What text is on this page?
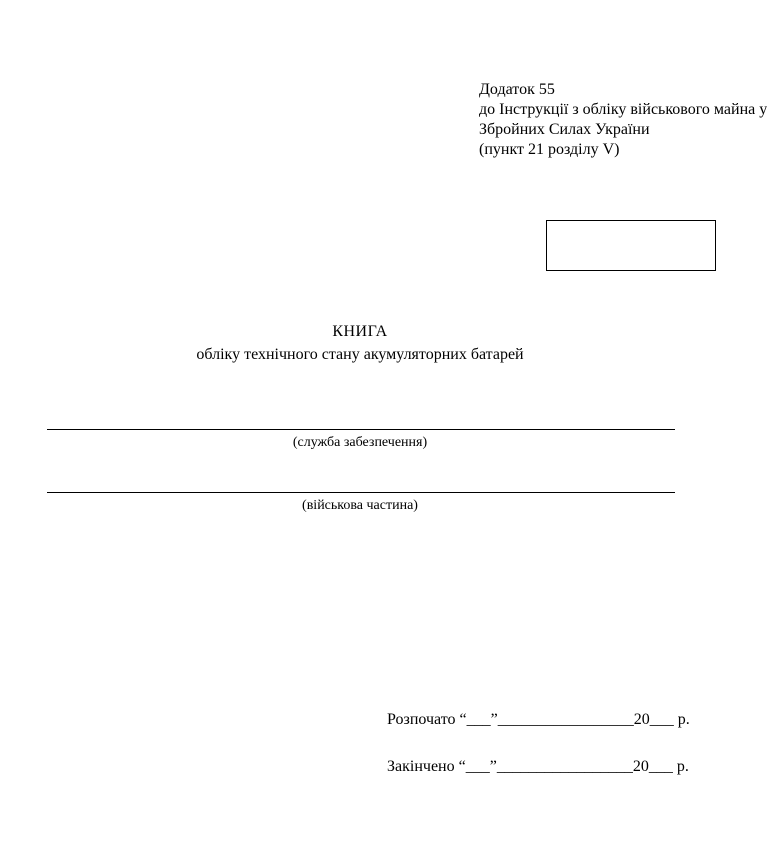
Додаток 55
до Інструкції з обліку військового майна у
Збройних Силах України
(пункт 21 розділу V)
КНИГА
обліку технічного стану акумуляторних батарей
(служба забезпечення)
(військова частина)
Розпочато “___”_________________20___ р.
Закінчено “___”_________________20___ р.
